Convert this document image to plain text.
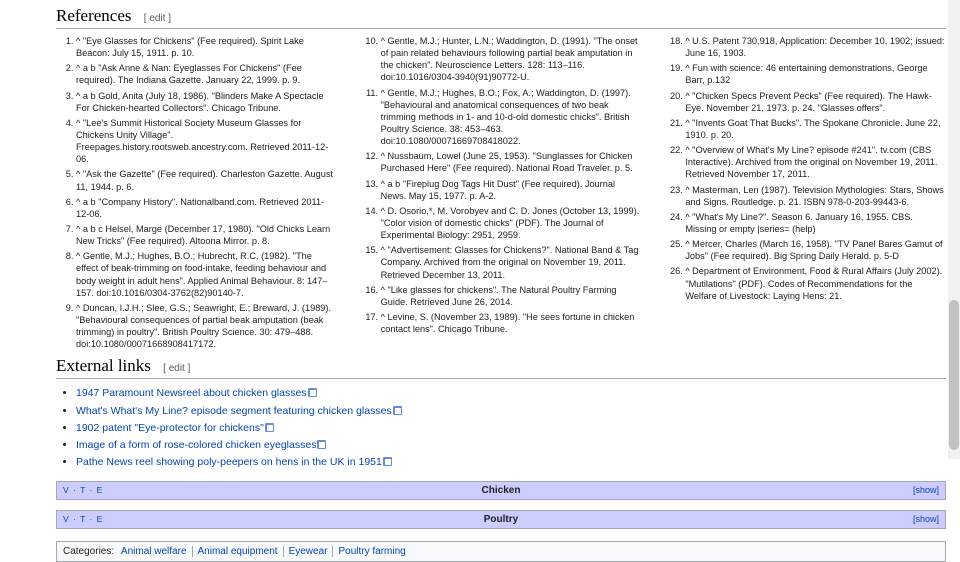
References [ edit ]
1. ^ "Eye Glasses for Chickens" (Fee required). Spirit Lake Beacon: July 15, 1911. p. 10.
2. ^ a b "Ask Anne & Nan: Eyeglasses For Chickens" (Fee required). The Indiana Gazette. January 22, 1999. p. 9.
3. ^ a b Gold, Anita (July 18, 1986). "Blinders Make A Spectacle For Chicken-hearted Collectors". Chicago Tribune.
4. ^ "Lee's Summit Historical Society Museum Glasses for Chickens Unity Village". Freepages.history.rootsweb.ancestry.com. Retrieved 2011-12-06.
5. ^ "Ask the Gazette" (Fee required). Charleston Gazette. August 11, 1944. p. 6.
6. ^ a b "Company History". Nationalband.com. Retrieved 2011-12-06.
7. ^ a b c Helsel, Marge (December 17, 1980). "Old Chicks Learn New Tricks" (Fee required). Altoona Mirror. p. 8.
8. ^ Gentle, M.J.; Hughes, B.O.; Hubrecht, R.C. (1982). "The effect of beak-trimming on food-intake, feeding behaviour and body weight in adult hens". Applied Animal Behaviour. 8: 147–157. doi:10.1016/0304-3762(82)90140-7.
9. ^ Duncan, I.J.H.; Slee, G.S.; Seawright, E.; Breward, J. (1989). "Behavioural consequences of partial beak amputation (beak trimming) in poultry". British Poultry Science. 30: 479–488. doi:10.1080/00071668908417172.
10. ^ Gentle, M.J.; Hunter, L.N.; Waddington, D. (1991). "The onset of pain related behaviours following partial beak amputation in the chicken". Neuroscience Letters. 128: 113–116. doi:10.1016/0304-3940(91)90772-U.
11. ^ Gentle, M.J.; Hughes, B.O.; Fox, A.; Waddington, D. (1997). "Behavioural and anatomical consequences of two beak trimming methods in 1- and 10-d-old domestic chicks". British Poultry Science. 38: 453–463. doi:10.1080/00071669708418022.
12. ^ Nussbaum, Lowel (June 25, 1953). "Sunglasses for Chicken Purchased Here" (Fee required). National Road Traveler. p. 5.
13. ^ a b "Fireplug Dog Tags Hit Dust" (Fee required). Journal News. May 15, 1977. p. A-2.
14. ^ D. Osorio,*, M. Vorobyev and C. D. Jones (October 13, 1999). "Color vision of domestic chicks" (PDF). The Journal of Experimental Biology: 2951, 2959.
15. ^ "Advertisement: Glasses for Chickens?". National Band & Tag Company. Archived from the original on November 19, 2011. Retrieved December 13, 2011.
16. ^ "Like glasses for chickens". The Natural Poultry Farming Guide. Retrieved June 26, 2014.
17. ^ Levine, S. (November 23, 1989). "He sees fortune in chicken contact lens". Chicago Tribune.
18. ^ U.S. Patent 730,918, Application: December 10, 1902; issued: June 16, 1903.
19. ^ Fun with science: 46 entertaining demonstrations, George Barr, p.132
20. ^ "Chicken Specs Prevent Pecks" (Fee required). The Hawk-Eye. November 21, 1973. p. 24. "Glasses offers".
21. ^ "Invents Goat That Bucks". The Spokane Chronicle. June 22, 1910. p. 20.
22. ^ "Overview of What's My Line? episode #241". tv.com (CBS Interactive). Archived from the original on November 19, 2011. Retrieved November 17, 2011.
23. ^ Masterman, Len (1987). Television Mythologies: Stars, Shows and Signs. Routledge. p. 21. ISBN 978-0-203-99443-6.
24. ^ "What's My Line?". Season 6. January 16, 1955. CBS. Missing or empty |series= (help)
25. ^ Mercer, Charles (March 16, 1958). "TV Panel Bares Gamut of Jobs" (Fee required). Big Spring Daily Herald. p. 5-D
26. ^ Department of Environment, Food & Rural Affairs (July 2002). "Mutilations" (PDF). Codes of Recommendations for the Welfare of Livestock: Laying Hens: 21.
External links [ edit ]
• 1947 Paramount Newsreel about chicken glasses
• What's What's My Line? episode segment featuring chicken glasses
• 1902 patent "Eye-protector for chickens"
• Image of a form of rose-colored chicken eyeglasses
• Pathe News reel showing poly-peepers on hens in the UK in 1951
V · T · E	Chicken	[show]
V · T · E	Poultry	[show]
Categories: Animal welfare Animal equipment Eyewear Poultry farming
